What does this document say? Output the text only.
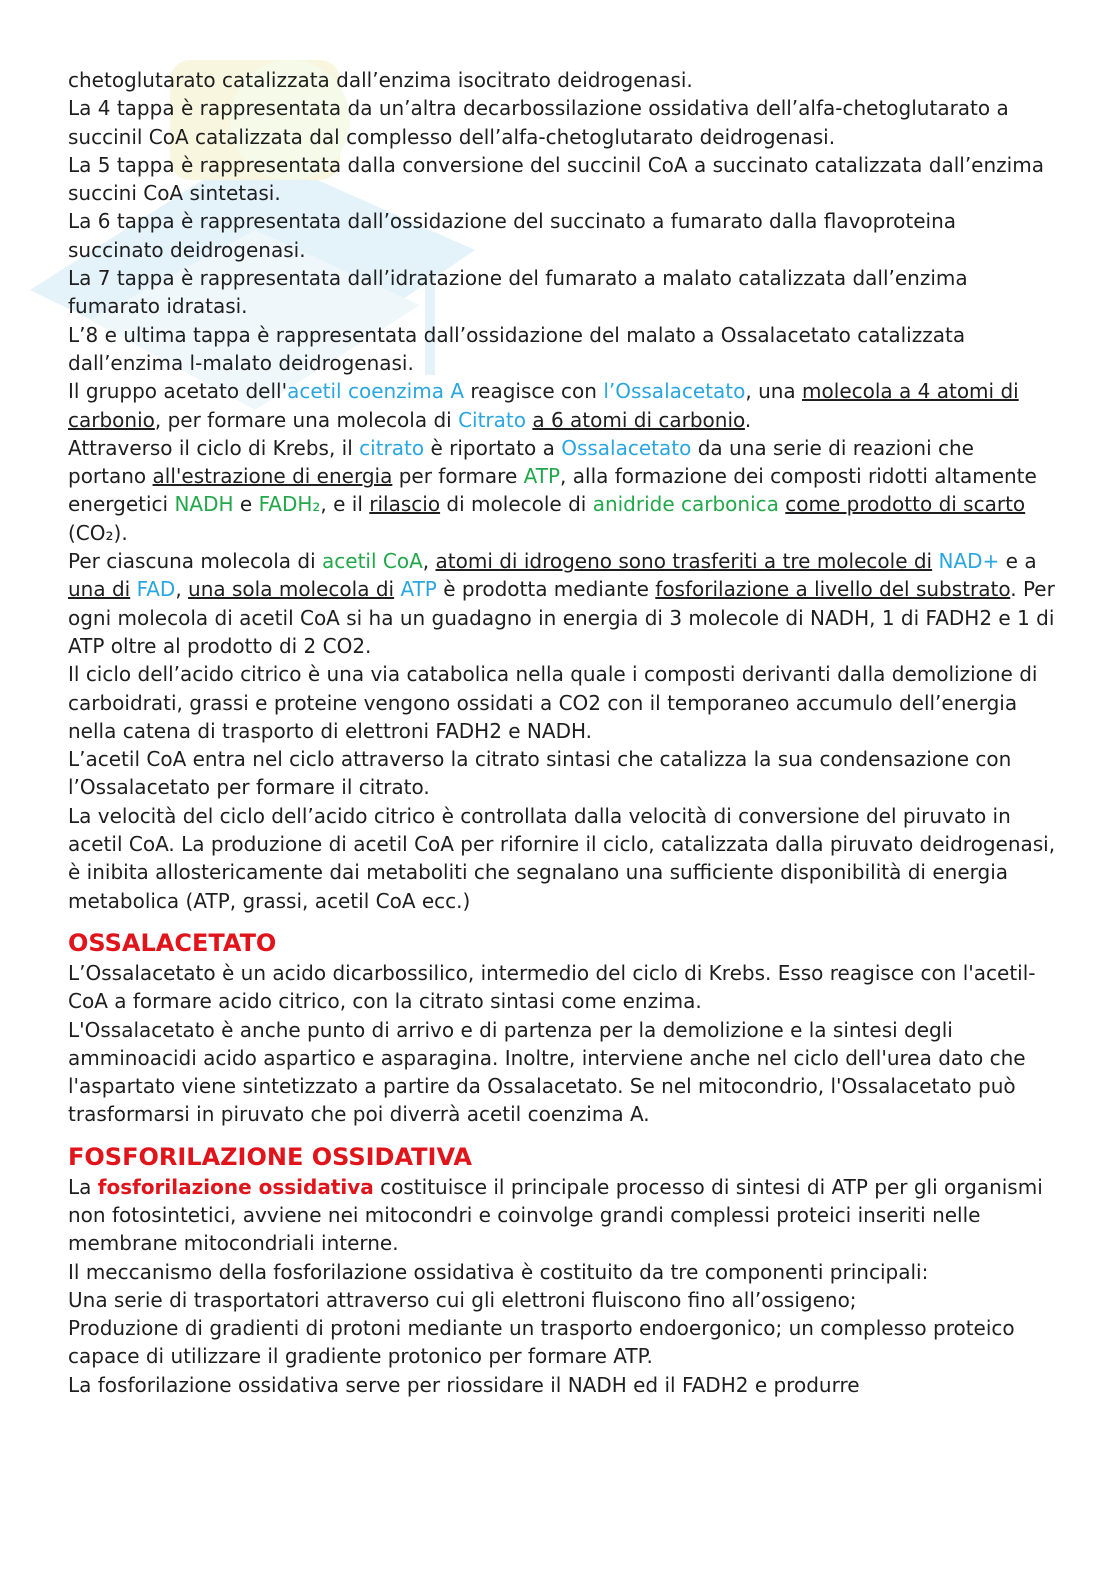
chetoglutarato catalizzata dall’enzima isocitrato deidrogenasi.

La 4 tappa è rappresentata da un’altra decarbossilazione ossidativa dell’alfa-chetoglutarato a succinil CoA catalizzata dal complesso dell’alfa-chetoglutarato deidrogenasi.

La 5 tappa è rappresentata dalla conversione del succinil CoA a succinato catalizzata dall’enzima succini CoA sintetasi.

La 6 tappa è rappresentata dall’ossidazione del succinato a fumarato dalla flavoproteina succinato deidrogenasi.

La 7 tappa è rappresentata dall’idratazione del fumarato a malato catalizzata dall’enzima fumarato idratasi.

L’8 e ultima tappa è rappresentata dall’ossidazione del malato a Ossalacetato catalizzata dall’enzima l-malato deidrogenasi.

Il gruppo acetato dell'acetil coenzima A reagisce con l’Ossalacetato, una molecola a 4 atomi di carbonio, per formare una molecola di Citrato a 6 atomi di carbonio.

Attraverso il ciclo di Krebs, il citrato è riportato a Ossalacetato da una serie di reazioni che portano all'estrazione di energia per formare ATP, alla formazione dei composti ridotti altamente energetici NADH e FADH₂, e il rilascio di molecole di anidride carbonica come prodotto di scarto (CO₂).

Per ciascuna molecola di acetil CoA, atomi di idrogeno sono trasferiti a tre molecole di NAD+ e a una di FAD, una sola molecola di ATP è prodotta mediante fosforilazione a livello del substrato. Per ogni molecola di acetil CoA si ha un guadagno in energia di 3 molecole di NADH, 1 di FADH2 e 1 di ATP oltre al prodotto di 2 CO2.

Il ciclo dell’acido citrico è una via catabolica nella quale i composti derivanti dalla demolizione di carboidrati, grassi e proteine vengono ossidati a CO2 con il temporaneo accumulo dell’energia nella catena di trasporto di elettroni FADH2 e NADH.

L’acetil CoA entra nel ciclo attraverso la citrato sintasi che catalizza la sua condensazione con l’Ossalacetato per formare il citrato.

La velocità del ciclo dell’acido citrico è controllata dalla velocità di conversione del piruvato in acetil CoA. La produzione di acetil CoA per rifornire il ciclo, catalizzata dalla piruvato deidrogenasi, è inibita allostericamente dai metaboliti che segnalano una sufficiente disponibilità di energia metabolica (ATP, grassi, acetil CoA ecc.)

OSSALACETATO

L’Ossalacetato è un acido dicarbossilico, intermedio del ciclo di Krebs. Esso reagisce con l'acetil-CoA a formare acido citrico, con la citrato sintasi come enzima.

L'Ossalacetato è anche punto di arrivo e di partenza per la demolizione e la sintesi degli amminoacidi acido aspartico e asparagina. Inoltre, interviene anche nel ciclo dell'urea dato che l'aspartato viene sintetizzato a partire da Ossalacetato. Se nel mitocondrio, l'Ossalacetato può trasformarsi in piruvato che poi diverrà acetil coenzima A.

FOSFORILAZIONE OSSIDATIVA

La fosforilazione ossidativa costituisce il principale processo di sintesi di ATP per gli organismi non fotosintetici, avviene nei mitocondri e coinvolge grandi complessi proteici inseriti nelle membrane mitocondriali interne.

Il meccanismo della fosforilazione ossidativa è costituito da tre componenti principali:

Una serie di trasportatori attraverso cui gli elettroni fluiscono fino all’ossigeno;

Produzione di gradienti di protoni mediante un trasporto endoergonico; un complesso proteico capace di utilizzare il gradiente protonico per formare ATP.

La fosforilazione ossidativa serve per riossidare il NADH ed il FADH2 e produrre
